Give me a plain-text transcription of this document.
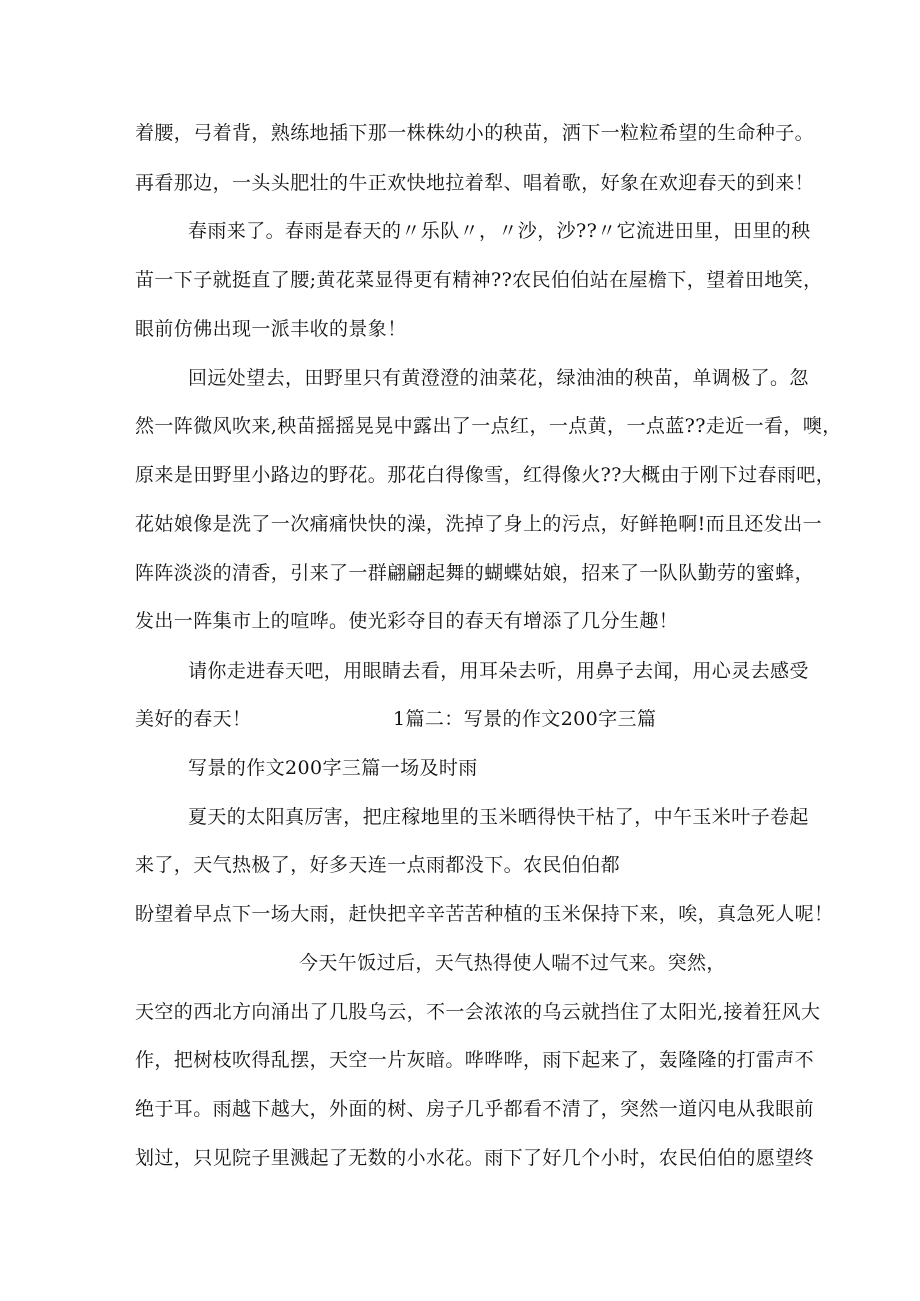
着腰，弓着背，熟练地插下那一株株幼小的秧苗，洒下一粒粒希望的生命种子。
再看那边，一头头肥壮的牛正欢快地拉着犁、唱着歌，好象在欢迎春天的到来！
春雨来了。春雨是春天的〃乐队〃，〃沙，沙??〃它流进田里，田里的秧
苗一下子就挺直了腰;黄花菜显得更有精神??农民伯伯站在屋檐下，望着田地笑，
眼前仿佛出现一派丰收的景象！
回远处望去，田野里只有黄澄澄的油菜花，绿油油的秧苗，单调极了。忽
然一阵微风吹来,秧苗摇摇晃晃中露出了一点红，一点黄，一点蓝??走近一看，噢，
原来是田野里小路边的野花。那花白得像雪，红得像火??大概由于刚下过春雨吧，
花姑娘像是洗了一次痛痛快快的澡，洗掉了身上的污点，好鲜艳啊!而且还发出一
阵阵淡淡的清香，引来了一群翩翩起舞的蝴蝶姑娘，招来了一队队勤劳的蜜蜂，
发出一阵集市上的喧哗。使光彩夺目的春天有增添了几分生趣！
请你走进春天吧，用眼睛去看，用耳朵去听，用鼻子去闻，用心灵去感受
美好的春天！	1篇二：写景的作文200字三篇
写景的作文200字三篇一场及时雨
夏天的太阳真厉害，把庄稼地里的玉米晒得快干枯了，中午玉米叶子卷起
来了，天气热极了，好多天连一点雨都没下。农民伯伯都
盼望着早点下一场大雨，赶快把辛辛苦苦种植的玉米保持下来，唉，真急死人呢！
今天午饭过后，天气热得使人喘不过气来。突然，
天空的西北方向涌出了几股乌云，不一会浓浓的乌云就挡住了太阳光,接着狂风大
作，把树枝吹得乱摆，天空一片灰暗。哗哗哗，雨下起来了，轰隆隆的打雷声不
绝于耳。雨越下越大，外面的树、房子几乎都看不清了，突然一道闪电从我眼前
划过，只见院子里溅起了无数的小水花。雨下了好几个小时，农民伯伯的愿望终
